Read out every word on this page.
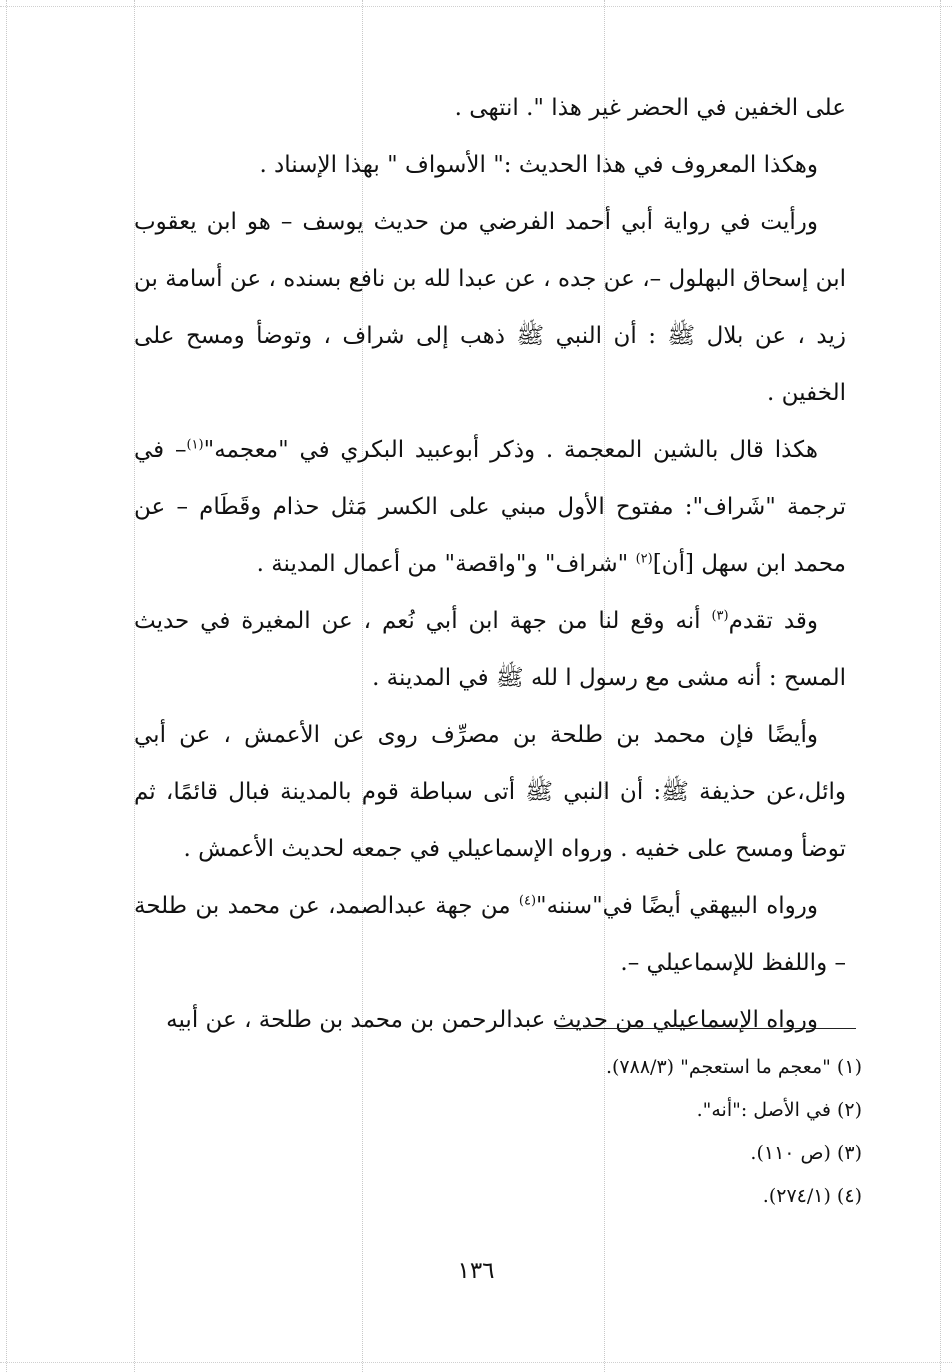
على الخفين في الحضر غير هذا ". انتهى .

وهكذا المعروف في هذا الحديث :" الأسواف " بهذا الإسناد .

ورأيت في رواية أبي أحمد الفرضي من حديث يوسف – هو ابن يعقوب ابن إسحاق البهلول –، عن جده ، عن عبدا لله بن نافع بسنده ، عن أسامة بن زيد ، عن بلال ﷺ : أن النبي ﷺ ذهب إلى شراف ، وتوضأ ومسح على الخفين .

هكذا قال بالشين المعجمة . وذكر أبوعبيد البكري في "معجمه"$^{(١)}$– في ترجمة "شَراف": مفتوح الأول مبني على الكسر مَثل حذام وقَطَام – عن محمد ابن سهل [أن]$^{(٢)}$ "شراف" و"واقصة" من أعمال المدينة .

وقد تقدم$^{(٣)}$ أنه وقع لنا من جهة ابن أبي نُعم ، عن المغيرة في حديث المسح : أنه مشى مع رسول ا لله ﷺ في المدينة .

وأيضًا فإن محمد بن طلحة بن مصرِّف روى عن الأعمش ، عن أبي وائل،عن حذيفة ﷺ: أن النبي ﷺ أتى سباطة قوم بالمدينة فبال قائمًا، ثم توضأ ومسح على خفيه . ورواه الإسماعيلي في جمعه لحديث الأعمش .

ورواه البيهقي أيضًا في"سننه"$^{(٤)}$ من جهة عبدالصمد، عن محمد بن طلحة – واللفظ للإسماعيلي –.

ورواه الإسماعيلي من حديث عبدالرحمن بن محمد بن طلحة ، عن أبيه

(١) "معجم ما استعجم" (٧٨٨/٣).
(٢) في الأصل :"أنه".
(٣) (ص ١١٠).
(٤) (٢٧٤/١).
١٣٦
